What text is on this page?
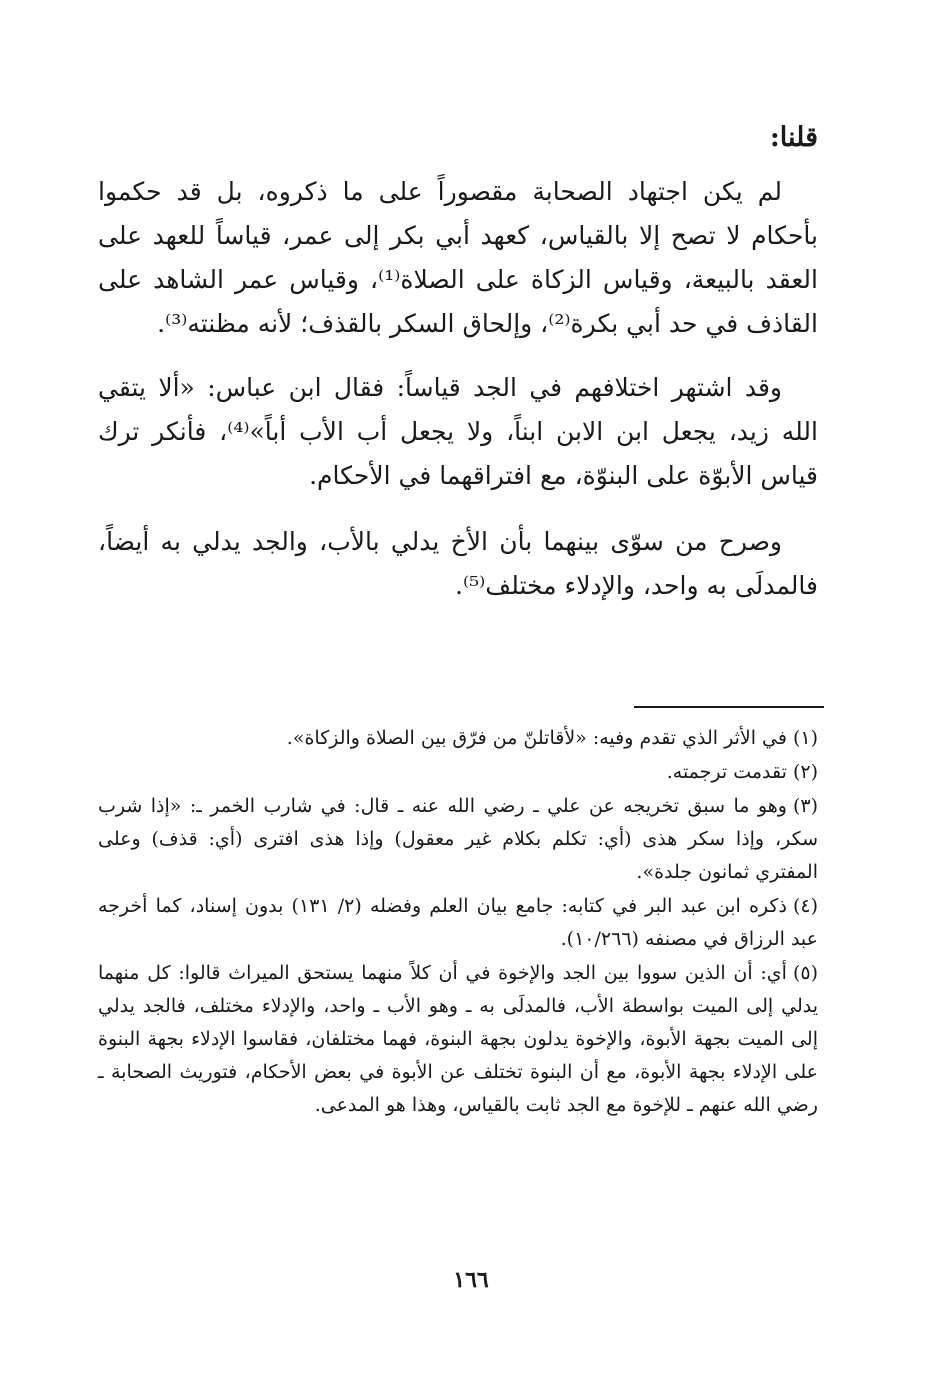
قلنا:

لم يكن اجتهاد الصحابة مقصوراً على ما ذكروه، بل قد حكموا بأحكام لا تصح إلا بالقياس، كعهد أبي بكر إلى عمر، قياساً للعهد على العقد بالبيعة، وقياس الزكاة على الصلاة⁽¹⁾، وقياس عمر الشاهد على القاذف في حد أبي بكرة⁽²⁾، وإلحاق السكر بالقذف؛ لأنه مظنته⁽³⁾.

وقد اشتهر اختلافهم في الجد قياساً: فقال ابن عباس: «ألا يتقي الله زيد، يجعل ابن الابن ابناً، ولا يجعل أب الأب أباً»⁽⁴⁾، فأنكر ترك قياس الأبوّة على البنوّة، مع افتراقهما في الأحكام.

وصرح من سوّى بينهما بأن الأخ يدلي بالأب، والجد يدلي به أيضاً، فالمدلَى به واحد، والإدلاء مختلف⁽⁵⁾.

(١)في الأثر الذي تقدم وفيه: «لأقاتلنّ من فرّق بين الصلاة والزكاة».
(٢)تقدمت ترجمته.
(٣)وهو ما سبق تخريجه عن علي ـ رضي الله عنه ـ قال: في شارب الخمر ـ: «إذا شرب سكر، وإذا سكر هذى (أي: تكلم بكلام غير معقول) وإذا هذى افترى (أي: قذف) وعلى المفتري ثمانون جلدة».
(٤)ذكره ابن عبد البر في كتابه: جامع بيان العلم وفضله (٢/ ١٣١) بدون إسناد، كما أخرجه عبد الرزاق في مصنفه (١٠/٢٦٦).
(٥)أي: أن الذين سووا بين الجد والإخوة في أن كلاً منهما يستحق الميراث قالوا: كل منهما يدلي إلى الميت بواسطة الأب، فالمدلَى به ـ وهو الأب ـ واحد، والإدلاء مختلف، فالجد يدلي إلى الميت بجهة الأبوة، والإخوة يدلون بجهة البنوة، فهما مختلفان، فقاسوا الإدلاء بجهة البنوة على الإدلاء بجهة الأبوة، مع أن البنوة تختلف عن الأبوة في بعض الأحكام، فتوريث الصحابة ـ رضي الله عنهم ـ للإخوة مع الجد ثابت بالقياس، وهذا هو المدعى.
١٦٦
